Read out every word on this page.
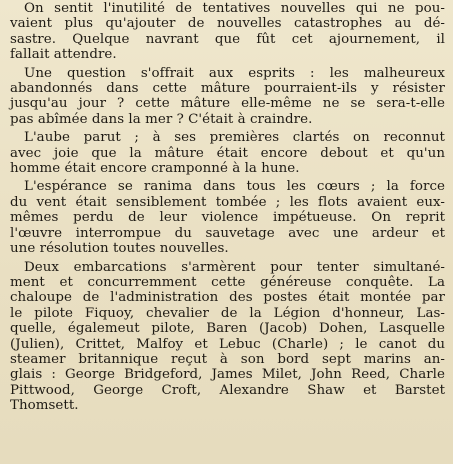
On sentit l'inutilité de tentatives nouvelles qui ne pou-
vaient plus qu'ajouter de nouvelles catastrophes au dé-
sastre. Quelque navrant que fût cet ajournement, il
fallait attendre.
Une question s'offrait aux esprits : les malheureux
abandonnés dans cette mâture pourraient-ils y résister
jusqu'au jour ? cette mâture elle-même ne se sera-t-elle
pas abîmée dans la mer ? C'était à craindre.
L'aube parut ; à ses premières clartés on reconnut
avec joie que la mâture était encore debout et qu'un
homme était encore cramponné à la hune.
L'espérance se ranima dans tous les cœurs ; la force
du vent était sensiblement tombée ; les flots avaient eux-
mêmes perdu de leur violence impétueuse. On reprit
l'œuvre interrompue du sauvetage avec une ardeur et
une résolution toutes nouvelles.
Deux embarcations s'armèrent pour tenter simultané-
ment et concurremment cette généreuse conquête. La
chaloupe de l'administration des postes était montée par
le pilote Fiquoy, chevalier de la Légion d'honneur, Las-
quelle, égalemeut pilote, Baren (Jacob) Dohen, Lasquelle
(Julien), Crittet, Malfoy et Lebuc (Charle) ; le canot du
steamer britannique reçut à son bord sept marins an-
glais : George Bridgeford, James Milet, John Reed, Charle
Pittwood, George Croft, Alexandre Shaw et Barstet
Thomsett.
